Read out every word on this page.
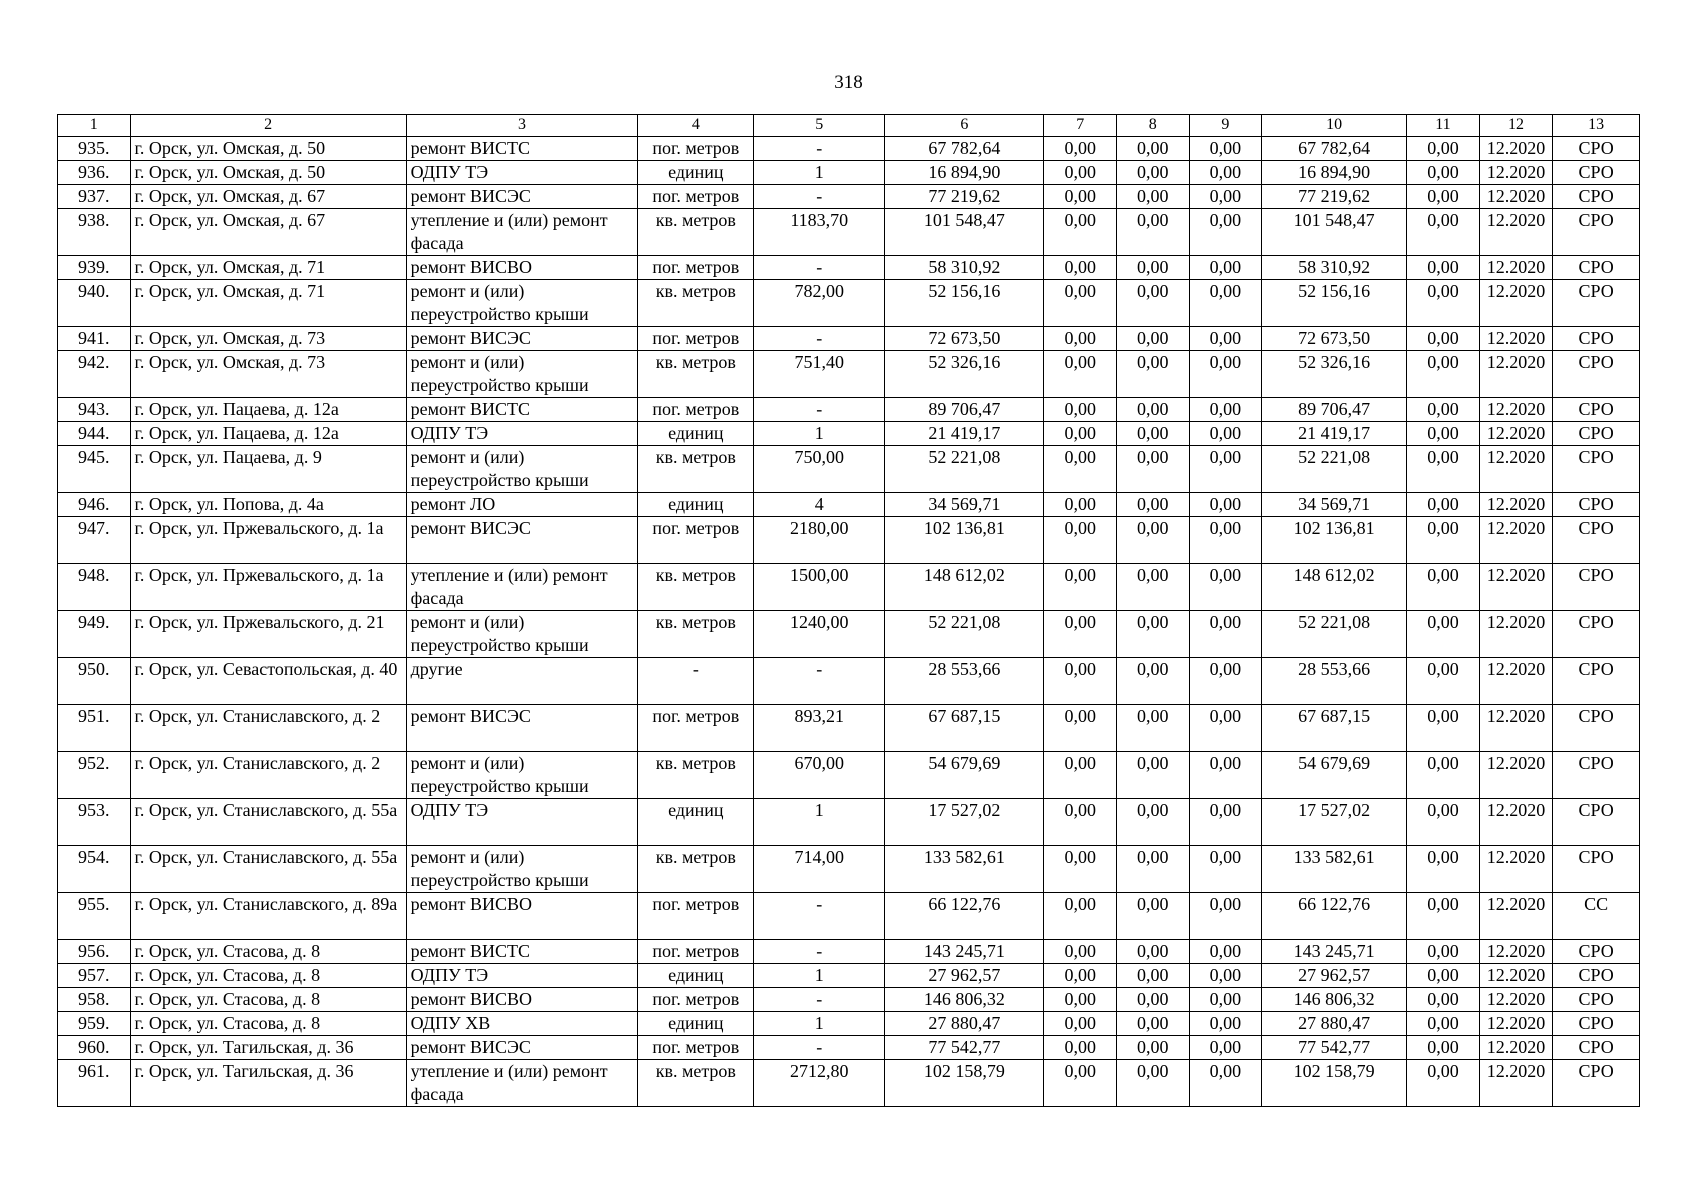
318
1	2	3	4	5	6	7	8	9	10	11	12	13
935.	г. Орск, ул. Омская, д. 50	ремонт ВИСТС	пог. метров	-	67 782,64	0,00	0,00	0,00	67 782,64	0,00	12.2020	СРО
936.	г. Орск, ул. Омская, д. 50	ОДПУ ТЭ	единиц	1	16 894,90	0,00	0,00	0,00	16 894,90	0,00	12.2020	СРО
937.	г. Орск, ул. Омская, д. 67	ремонт ВИСЭС	пог. метров	-	77 219,62	0,00	0,00	0,00	77 219,62	0,00	12.2020	СРО
938.	г. Орск, ул. Омская, д. 67	утепление и (или) ремонт фасада	кв. метров	1183,70	101 548,47	0,00	0,00	0,00	101 548,47	0,00	12.2020	СРО
939.	г. Орск, ул. Омская, д. 71	ремонт ВИСВО	пог. метров	-	58 310,92	0,00	0,00	0,00	58 310,92	0,00	12.2020	СРО
940.	г. Орск, ул. Омская, д. 71	ремонт и (или) переустройство крыши	кв. метров	782,00	52 156,16	0,00	0,00	0,00	52 156,16	0,00	12.2020	СРО
941.	г. Орск, ул. Омская, д. 73	ремонт ВИСЭС	пог. метров	-	72 673,50	0,00	0,00	0,00	72 673,50	0,00	12.2020	СРО
942.	г. Орск, ул. Омская, д. 73	ремонт и (или) переустройство крыши	кв. метров	751,40	52 326,16	0,00	0,00	0,00	52 326,16	0,00	12.2020	СРО
943.	г. Орск, ул. Пацаева, д. 12а	ремонт ВИСТС	пог. метров	-	89 706,47	0,00	0,00	0,00	89 706,47	0,00	12.2020	СРО
944.	г. Орск, ул. Пацаева, д. 12а	ОДПУ ТЭ	единиц	1	21 419,17	0,00	0,00	0,00	21 419,17	0,00	12.2020	СРО
945.	г. Орск, ул. Пацаева, д. 9	ремонт и (или) переустройство крыши	кв. метров	750,00	52 221,08	0,00	0,00	0,00	52 221,08	0,00	12.2020	СРО
946.	г. Орск, ул. Попова, д. 4а	ремонт ЛО	единиц	4	34 569,71	0,00	0,00	0,00	34 569,71	0,00	12.2020	СРО
947.	г. Орск, ул. Пржевальского, д. 1а	ремонт ВИСЭС	пог. метров	2180,00	102 136,81	0,00	0,00	0,00	102 136,81	0,00	12.2020	СРО
948.	г. Орск, ул. Пржевальского, д. 1а	утепление и (или) ремонт фасада	кв. метров	1500,00	148 612,02	0,00	0,00	0,00	148 612,02	0,00	12.2020	СРО
949.	г. Орск, ул. Пржевальского, д. 21	ремонт и (или) переустройство крыши	кв. метров	1240,00	52 221,08	0,00	0,00	0,00	52 221,08	0,00	12.2020	СРО
950.	г. Орск, ул. Севастопольская, д. 40	другие	-	-	28 553,66	0,00	0,00	0,00	28 553,66	0,00	12.2020	СРО
951.	г. Орск, ул. Станиславского, д. 2	ремонт ВИСЭС	пог. метров	893,21	67 687,15	0,00	0,00	0,00	67 687,15	0,00	12.2020	СРО
952.	г. Орск, ул. Станиславского, д. 2	ремонт и (или) переустройство крыши	кв. метров	670,00	54 679,69	0,00	0,00	0,00	54 679,69	0,00	12.2020	СРО
953.	г. Орск, ул. Станиславского, д. 55а	ОДПУ ТЭ	единиц	1	17 527,02	0,00	0,00	0,00	17 527,02	0,00	12.2020	СРО
954.	г. Орск, ул. Станиславского, д. 55а	ремонт и (или) переустройство крыши	кв. метров	714,00	133 582,61	0,00	0,00	0,00	133 582,61	0,00	12.2020	СРО
955.	г. Орск, ул. Станиславского, д. 89а	ремонт ВИСВО	пог. метров	-	66 122,76	0,00	0,00	0,00	66 122,76	0,00	12.2020	СС
956.	г. Орск, ул. Стасова, д. 8	ремонт ВИСТС	пог. метров	-	143 245,71	0,00	0,00	0,00	143 245,71	0,00	12.2020	СРО
957.	г. Орск, ул. Стасова, д. 8	ОДПУ ТЭ	единиц	1	27 962,57	0,00	0,00	0,00	27 962,57	0,00	12.2020	СРО
958.	г. Орск, ул. Стасова, д. 8	ремонт ВИСВО	пог. метров	-	146 806,32	0,00	0,00	0,00	146 806,32	0,00	12.2020	СРО
959.	г. Орск, ул. Стасова, д. 8	ОДПУ ХВ	единиц	1	27 880,47	0,00	0,00	0,00	27 880,47	0,00	12.2020	СРО
960.	г. Орск, ул. Тагильская, д. 36	ремонт ВИСЭС	пог. метров	-	77 542,77	0,00	0,00	0,00	77 542,77	0,00	12.2020	СРО
961.	г. Орск, ул. Тагильская, д. 36	утепление и (или) ремонт фасада	кв. метров	2712,80	102 158,79	0,00	0,00	0,00	102 158,79	0,00	12.2020	СРО
